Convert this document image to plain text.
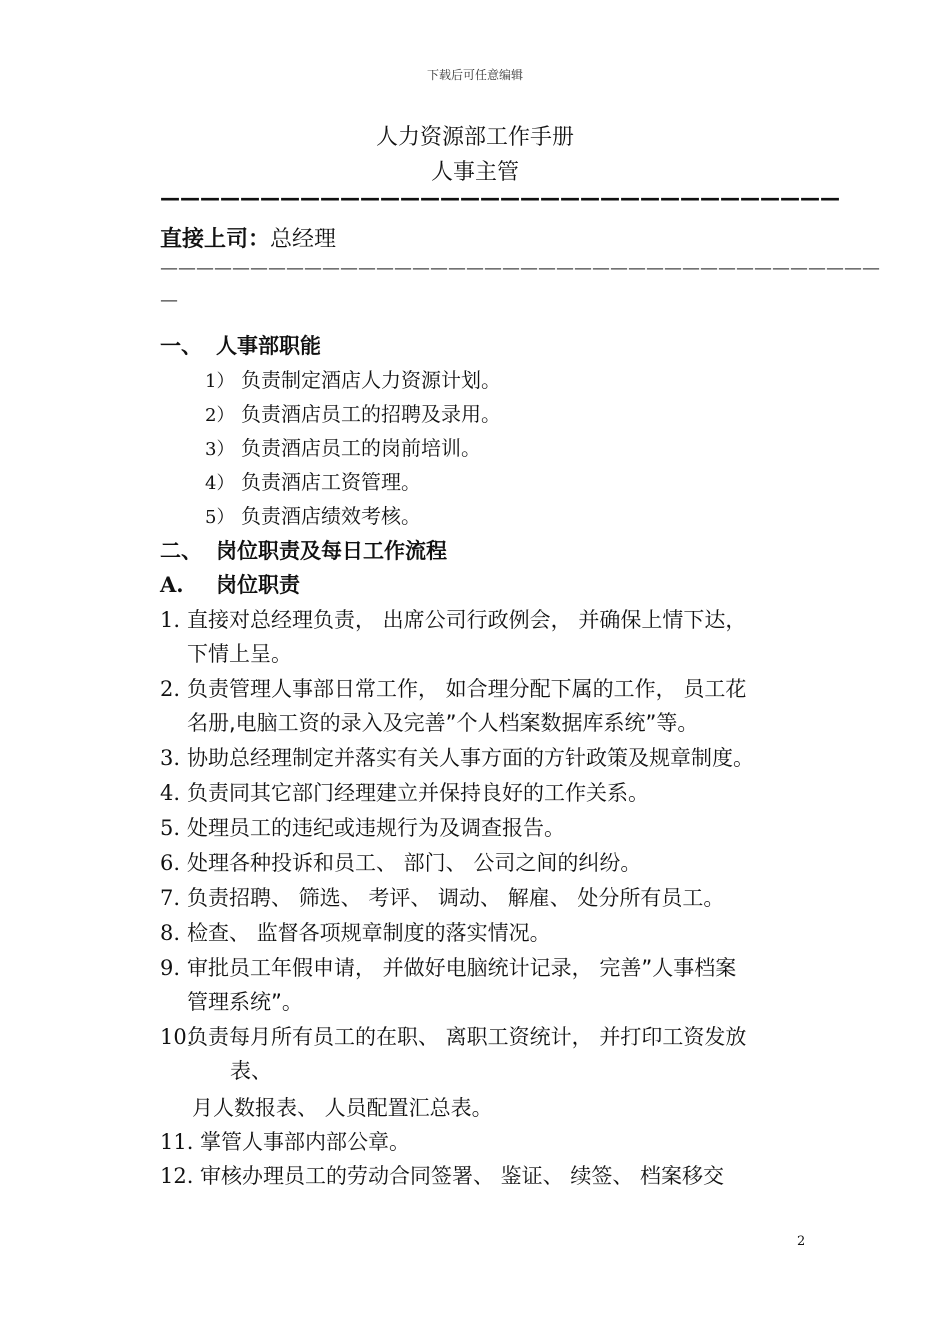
下载后可任意编辑
人力资源部工作手册
人事主管
——————————————————————————————————
直接上司：总经理
————————————————————————————————————————
—
一、 人事部职能
1） 负责制定酒店人力资源计划。
2） 负责酒店员工的招聘及录用。
3） 负责酒店员工的岗前培训。
4） 负责酒店工资管理。
5） 负责酒店绩效考核。
二、 岗位职责及每日工作流程
A. 岗位职责
1. 直接对总经理负责， 出席公司行政例会， 并确保上情下达，
下情上呈。
2. 负责管理人事部日常工作， 如合理分配下属的工作， 员工花
名册,电脑工资的录入及完善”个人档案数据库系统”等。
3. 协助总经理制定并落实有关人事方面的方针政策及规章制度。
4. 负责同其它部门经理建立并保持良好的工作关系。
5. 处理员工的违纪或违规行为及调查报告。
6. 处理各种投诉和员工、 部门、 公司之间的纠纷。
7. 负责招聘、 筛选、 考评、 调动、 解雇、 处分所有员工。
8. 检查、 监督各项规章制度的落实情况。
9. 审批员工年假申请， 并做好电脑统计记录， 完善”人事档案
管理系统”。
10.负责每月所有员工的在职、 离职工资统计， 并打印工资发放
表、
月人数报表、 人员配置汇总表。
11. 掌管人事部内部公章。
12. 审核办理员工的劳动合同签署、 鉴证、 续签、 档案移交
2
